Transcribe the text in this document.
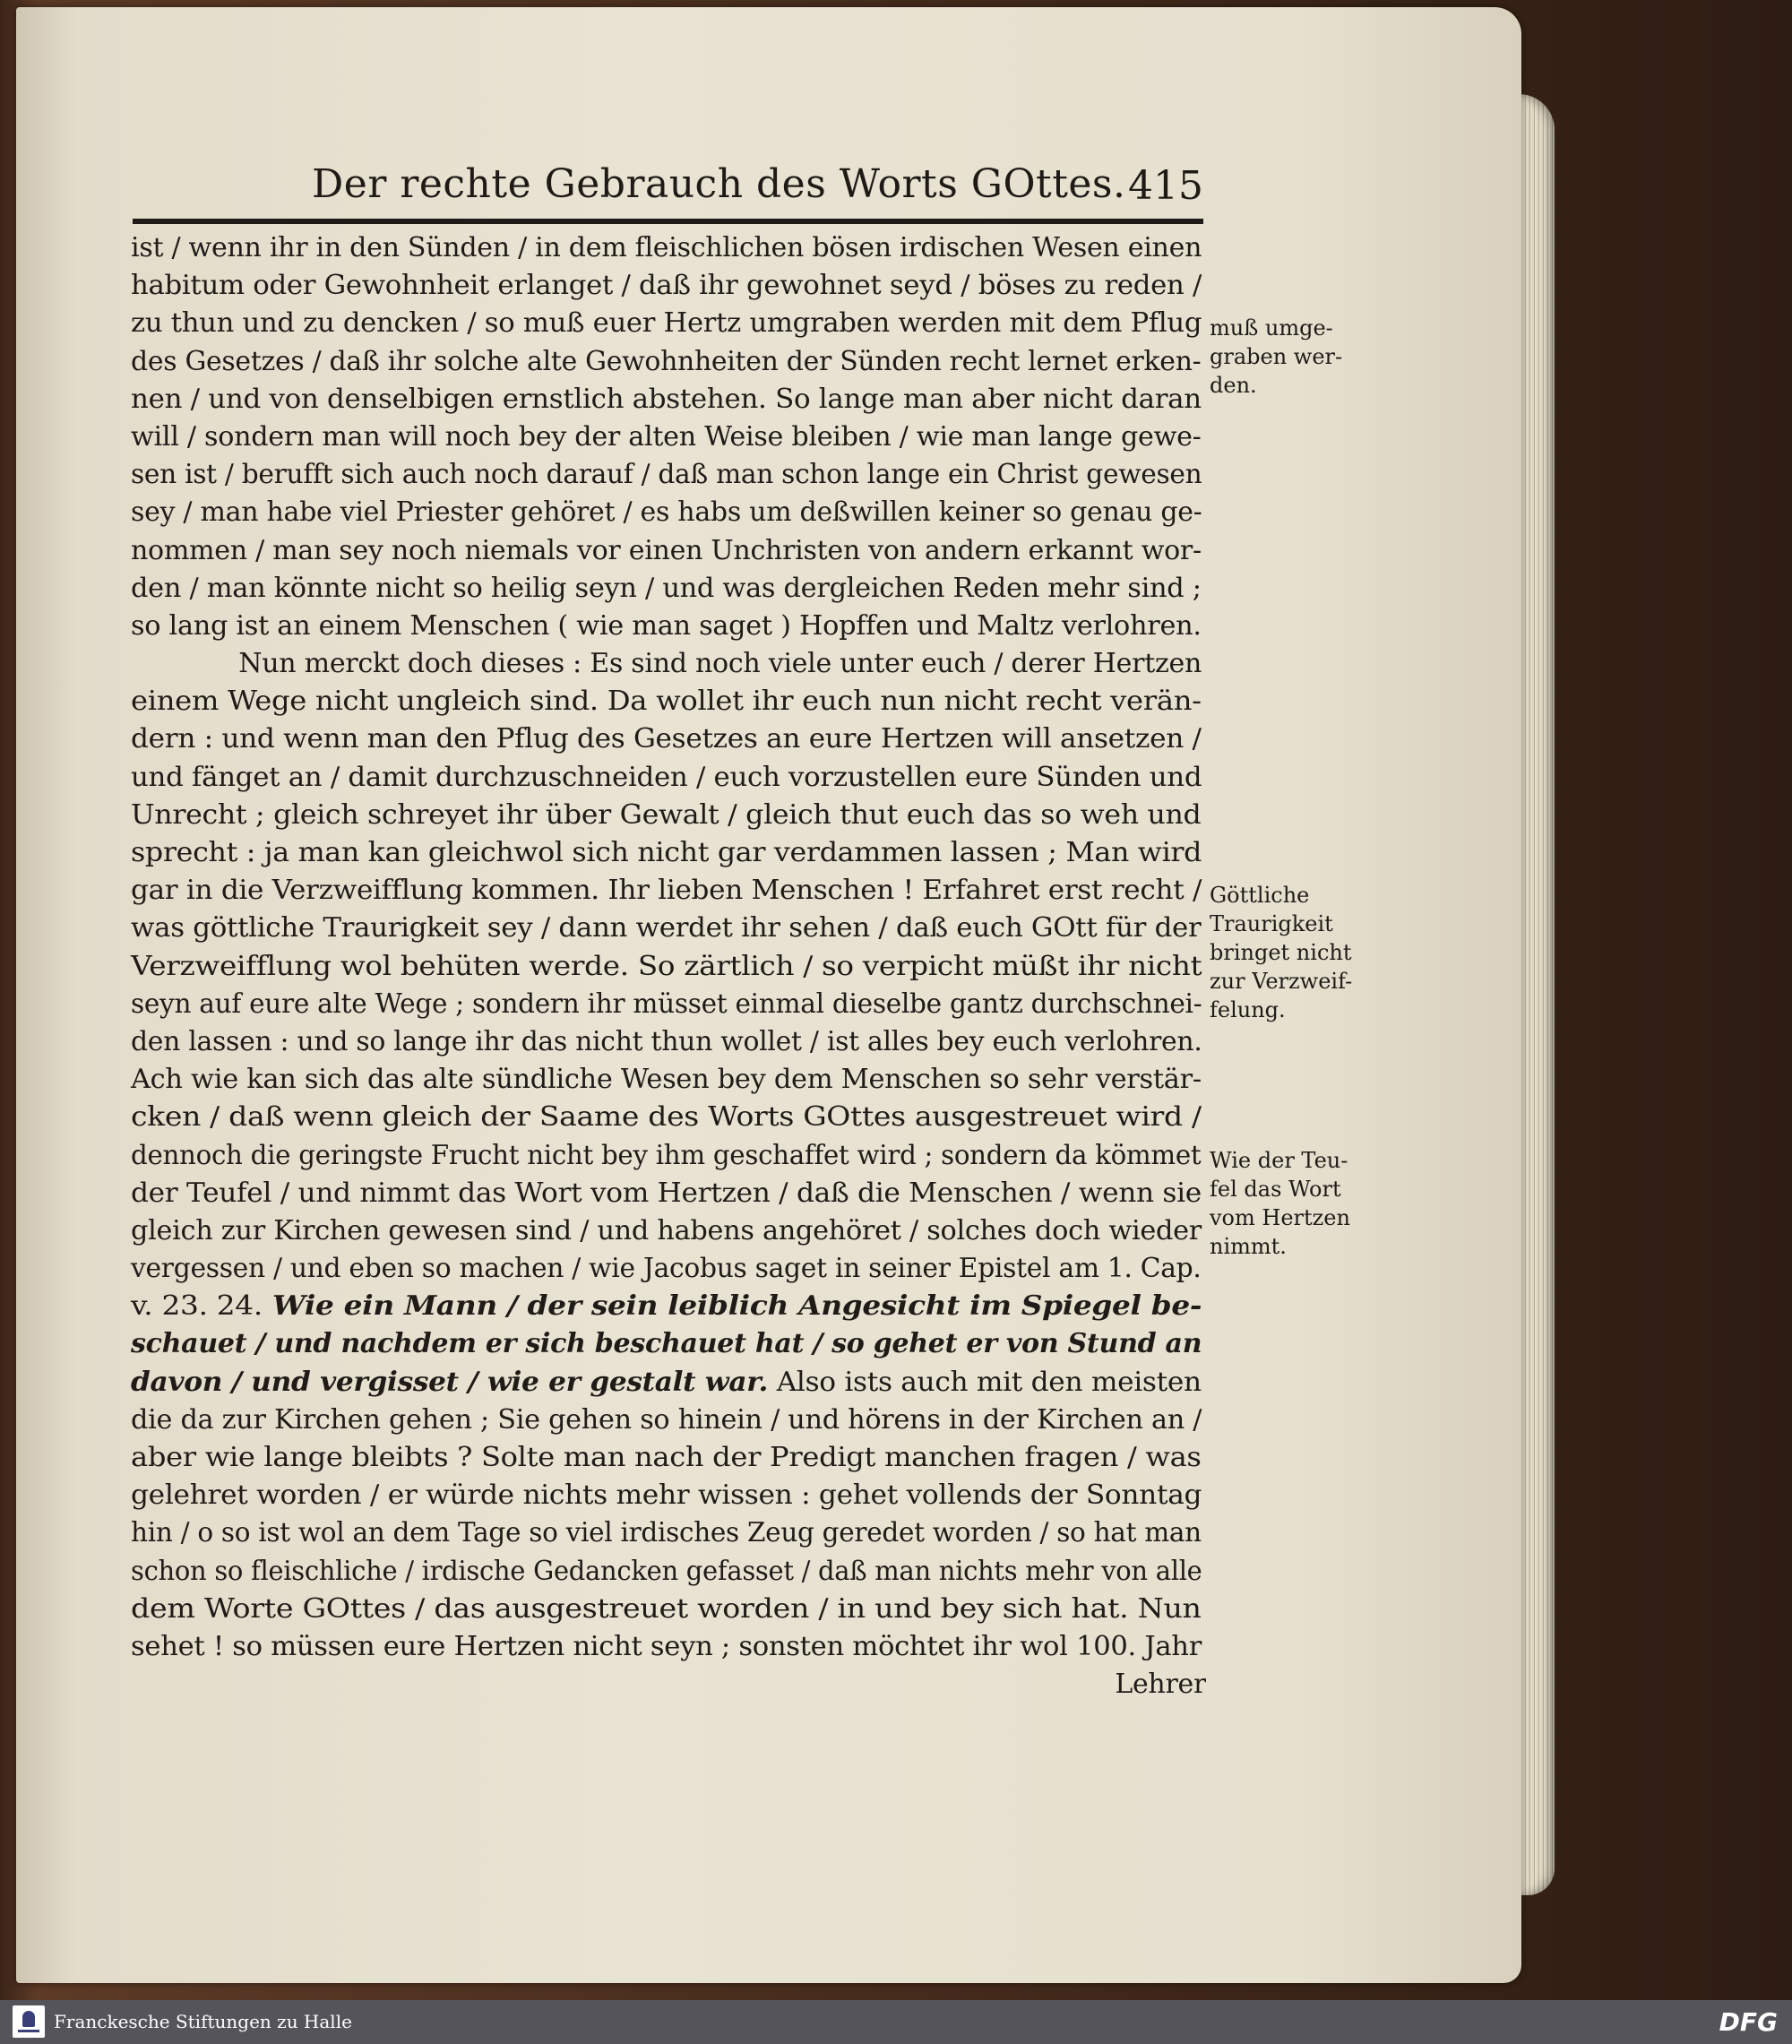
Der rechte Gebrauch des Worts GOttes. 415
ist / wenn ihr in den Sünden / in dem fleischlichen bösen irdischen Wesen einen
habitum oder Gewohnheit erlanget / daß ihr gewohnet seyd / böses zu reden /
zu thun und zu dencken / so muß euer Hertz umgraben werden mit dem Pflug
des Gesetzes / daß ihr solche alte Gewohnheiten der Sünden recht lernet erken-
nen / und von denselbigen ernstlich abstehen. So lange man aber nicht daran
will / sondern man will noch bey der alten Weise bleiben / wie man lange gewe-
sen ist / berufft sich auch noch darauf / daß man schon lange ein Christ gewesen
sey / man habe viel Priester gehöret / es habs um deßwillen keiner so genau ge-
nommen / man sey noch niemals vor einen Unchristen von andern erkannt wor-
den / man könnte nicht so heilig seyn / und was dergleichen Reden mehr sind ;
so lang ist an einem Menschen ( wie man saget ) Hopffen und Maltz verlohren.
Nun merckt doch dieses : Es sind noch viele unter euch / derer Hertzen
einem Wege nicht ungleich sind. Da wollet ihr euch nun nicht recht verän-
dern : und wenn man den Pflug des Gesetzes an eure Hertzen will ansetzen /
und fänget an / damit durchzuschneiden / euch vorzustellen eure Sünden und
Unrecht ; gleich schreyet ihr über Gewalt / gleich thut euch das so weh und
sprecht : ja man kan gleichwol sich nicht gar verdammen lassen ; Man wird
gar in die Verzweifflung kommen. Ihr lieben Menschen ! Erfahret erst recht /
was göttliche Traurigkeit sey / dann werdet ihr sehen / daß euch GOtt für der
Verzweifflung wol behüten werde. So zärtlich / so verpicht müßt ihr nicht
seyn auf eure alte Wege ; sondern ihr müsset einmal dieselbe gantz durchschnei-
den lassen : und so lange ihr das nicht thun wollet / ist alles bey euch verlohren.
Ach wie kan sich das alte sündliche Wesen bey dem Menschen so sehr verstär-
cken / daß wenn gleich der Saame des Worts GOttes ausgestreuet wird /
dennoch die geringste Frucht nicht bey ihm geschaffet wird ; sondern da kömmet
der Teufel / und nimmt das Wort vom Hertzen / daß die Menschen / wenn sie
gleich zur Kirchen gewesen sind / und habens angehöret / solches doch wieder
vergessen / und eben so machen / wie Jacobus saget in seiner Epistel am 1. Cap.
v. 23. 24. Wie ein Mann / der sein leiblich Angesicht im Spiegel be-
schauet / und nachdem er sich beschauet hat / so gehet er von Stund an
davon / und vergisset / wie er gestalt war. Also ists auch mit den meisten
die da zur Kirchen gehen ; Sie gehen so hinein / und hörens in der Kirchen an /
aber wie lange bleibts ? Solte man nach der Predigt manchen fragen / was
gelehret worden / er würde nichts mehr wissen : gehet vollends der Sonntag
hin / o so ist wol an dem Tage so viel irdisches Zeug geredet worden / so hat man
schon so fleischliche / irdische Gedancken gefasset / daß man nichts mehr von alle
dem Worte GOttes / das ausgestreuet worden / in und bey sich hat. Nun
sehet ! so müssen eure Hertzen nicht seyn ; sonsten möchtet ihr wol 100. Jahr
Lehrer
muß umge-
graben wer-
den.
Göttliche
Traurigkeit
bringet nicht
zur Verzweif-
felung.
Wie der Teu-
fel das Wort
vom Hertzen
nimmt.
Franckesche Stiftungen zu Halle	DFG
